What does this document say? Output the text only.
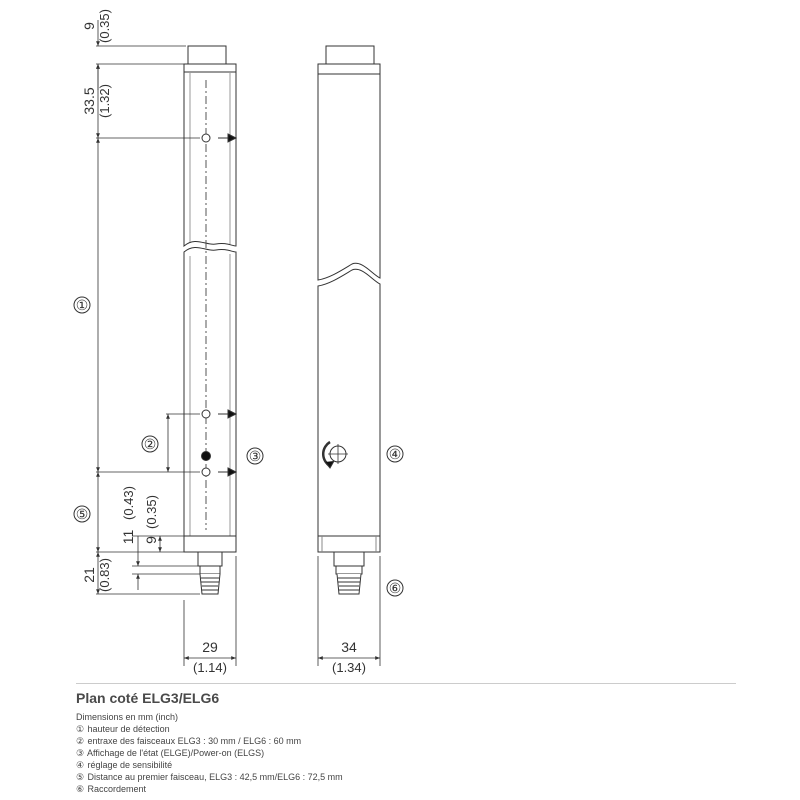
①
②
③	④
⑤
⑥
9 (0.35)
33.5 (1.32)
11
(0.43)
9
(0.35)
21 (0.83)
29
(1.14)
34
(1.34)
Plan coté ELG3/ELG6
Dimensions en mm (inch)
① hauteur de détection
② entraxe des faisceaux ELG3 : 30 mm / ELG6 : 60 mm
③ Affichage de l'état (ELGE)/Power-on (ELGS)
④ réglage de sensibilité
⑤ Distance au premier faisceau, ELG3 : 42,5 mm/ELG6 : 72,5 mm
⑥ Raccordement
